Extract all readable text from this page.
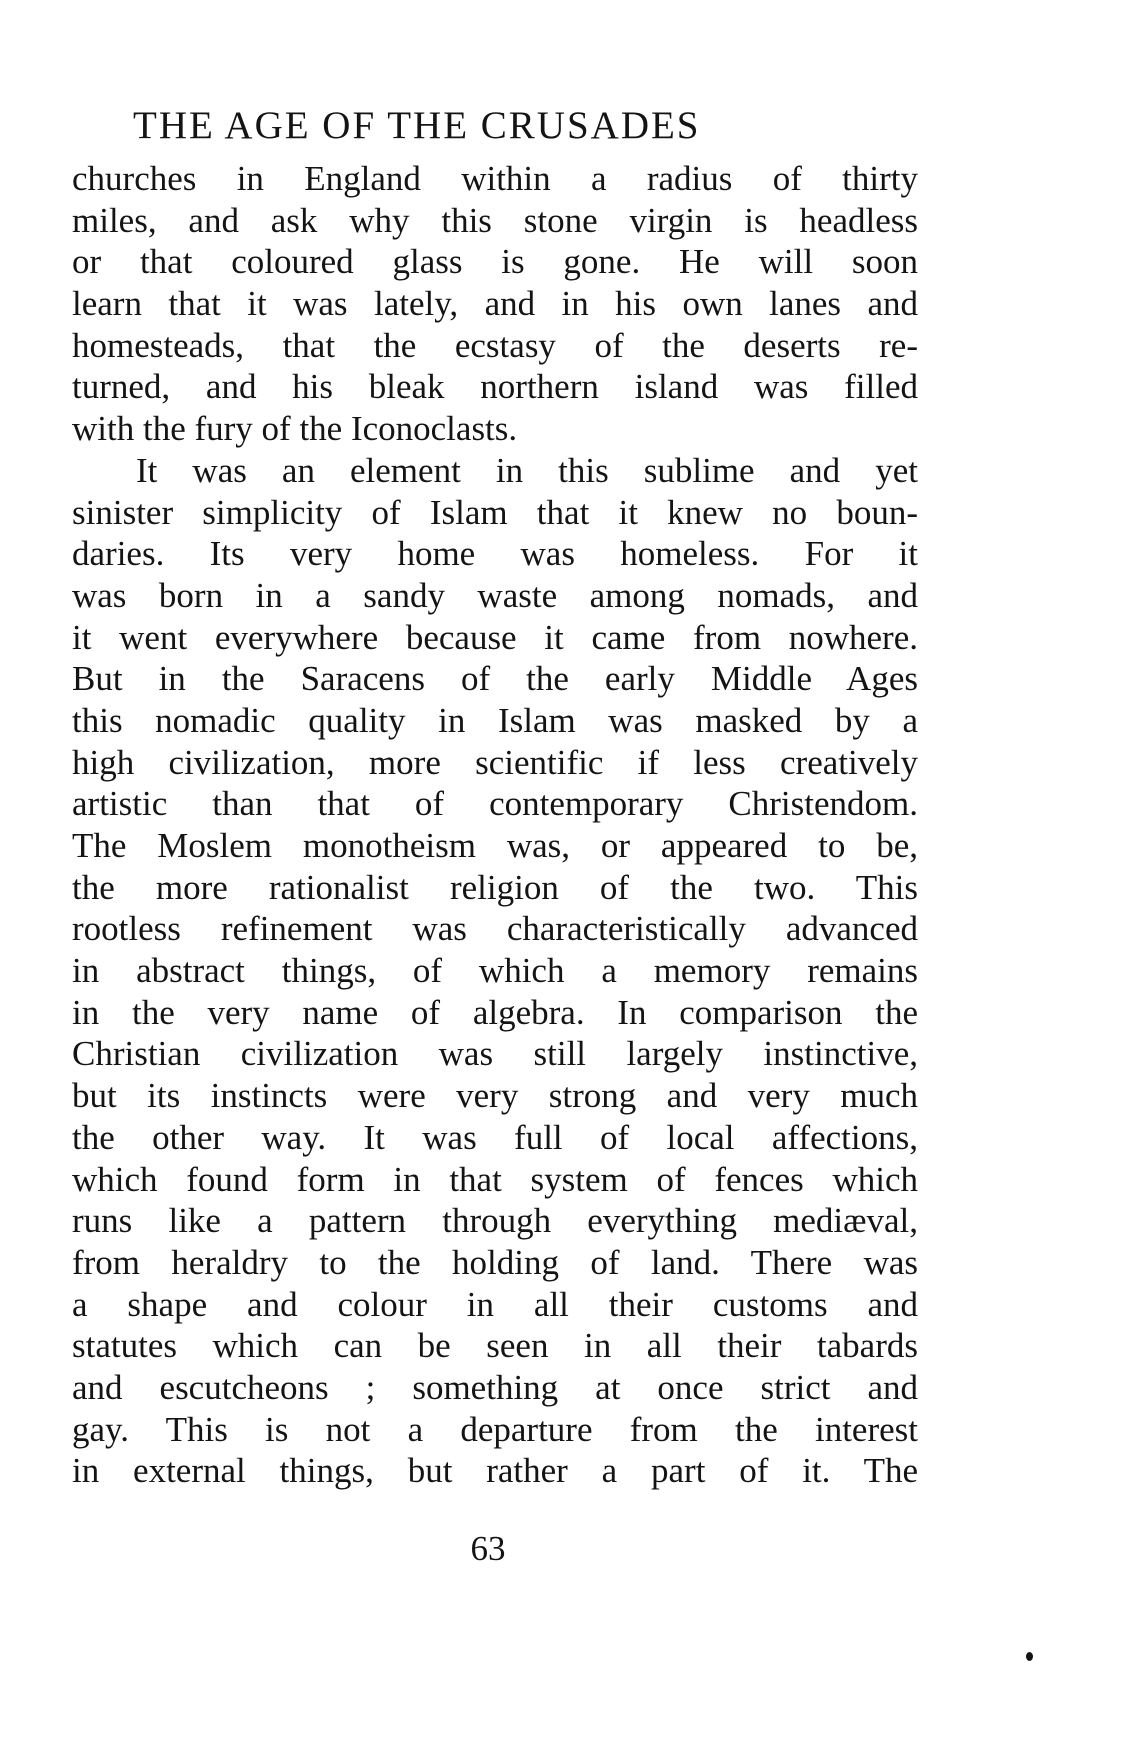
THE AGE OF THE CRUSADES
churches in England within a radius of thirty
miles, and ask why this stone virgin is headless
or that coloured glass is gone. He will soon
learn that it was lately, and in his own lanes and
homesteads, that the ecstasy of the deserts re-
turned, and his bleak northern island was filled
with the fury of the Iconoclasts.
It was an element in this sublime and yet
sinister simplicity of Islam that it knew no boun-
daries. Its very home was homeless. For it
was born in a sandy waste among nomads, and
it went everywhere because it came from nowhere.
But in the Saracens of the early Middle Ages
this nomadic quality in Islam was masked by a
high civilization, more scientific if less creatively
artistic than that of contemporary Christendom.
The Moslem monotheism was, or appeared to be,
the more rationalist religion of the two. This
rootless refinement was characteristically advanced
in abstract things, of which a memory remains
in the very name of algebra. In comparison the
Christian civilization was still largely instinctive,
but its instincts were very strong and very much
the other way. It was full of local affections,
which found form in that system of fences which
runs like a pattern through everything mediæval,
from heraldry to the holding of land. There was
a shape and colour in all their customs and
statutes which can be seen in all their tabards
and escutcheons ; something at once strict and
gay. This is not a departure from the interest
in external things, but rather a part of it. The
63
